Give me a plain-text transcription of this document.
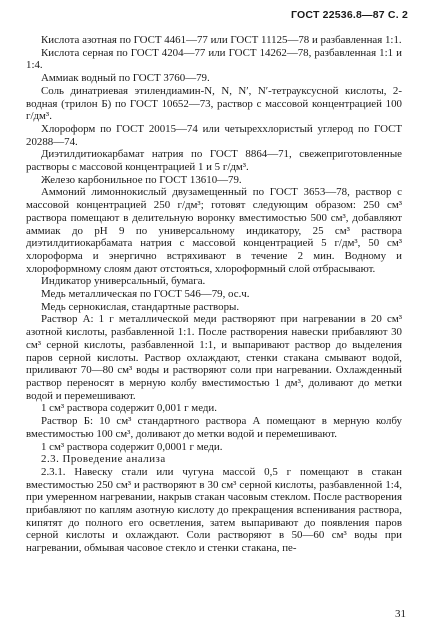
ГОСТ 22536.8—87 С. 2

Кислота азотная по ГОСТ 4461—77 или ГОСТ 11125—78 и разбавленная 1:1.

Кислота серная по ГОСТ 4204—77 или ГОСТ 14262—78, разбавленная 1:1 и 1:4.

Аммиак водный по ГОСТ 3760—79.

Соль динатриевая этилендиамин-N, N, N′, N′-тетрауксусной кислоты, 2-водная (трилон Б) по ГОСТ 10652—73, раствор с массовой концентрацией 100 г/дм³.

Хлороформ по ГОСТ 20015—74 или четыреххлористый углерод по ГОСТ 20288—74.

Диэтилдитиокарбамат натрия по ГОСТ 8864—71, свежеприготовленные растворы с массовой концентрацией 1 и 5 г/дм³.

Железо карбонильное по ГОСТ 13610—79.

Аммоний лимоннокислый двузамещенный по ГОСТ 3653—78, раствор с массовой концентрацией 250 г/дм³; готовят следующим образом: 250 см³ раствора помещают в делительную воронку вместимостью 500 см³, добавляют аммиак до pH 9 по универсальному индикатору, 25 см³ раствора диэтилдитиокарбамата натрия с массовой концентрацией 5 г/дм³, 50 см³ хлороформа и энергично встряхивают в течение 2 мин. Водному и хлороформному слоям дают отстояться, хлороформный слой отбрасывают.

Индикатор универсальный, бумага.

Медь металлическая по ГОСТ 546—79, ос.ч.

Медь сернокислая, стандартные растворы.

Раствор А: 1 г металлической меди растворяют при нагревании в 20 см³ азотной кислоты, разбавленной 1:1. После растворения навески прибавляют 30 см³ серной кислоты, разбавленной 1:1, и выпаривают раствор до выделения паров серной кислоты. Раствор охлаждают, стенки стакана смывают водой, приливают 70—80 см³ воды и растворяют соли при нагревании. Охлажденный раствор переносят в мерную колбу вместимостью 1 дм³, доливают до метки водой и перемешивают.

1 см³ раствора содержит 0,001 г меди.

Раствор Б: 10 см³ стандартного раствора А помещают в мерную колбу вместимостью 100 см³, доливают до метки водой и перемешивают.

1 см³ раствора содержит 0,0001 г меди.

2.3. Проведение анализа

2.3.1. Навеску стали или чугуна массой 0,5 г помещают в стакан вместимостью 250 см³ и растворяют в 30 см³ серной кислоты, разбавленной 1:4, при умеренном нагревании, накрыв стакан часовым стеклом. После растворения прибавляют по каплям азотную кислоту до прекращения вспенивания раствора, кипятят до полного его осветления, затем выпаривают до появления паров серной кислоты и охлаждают. Соли растворяют в 50—60 см³ воды при нагревании, обмывая часовое стекло и стенки стакана, пе-

31
